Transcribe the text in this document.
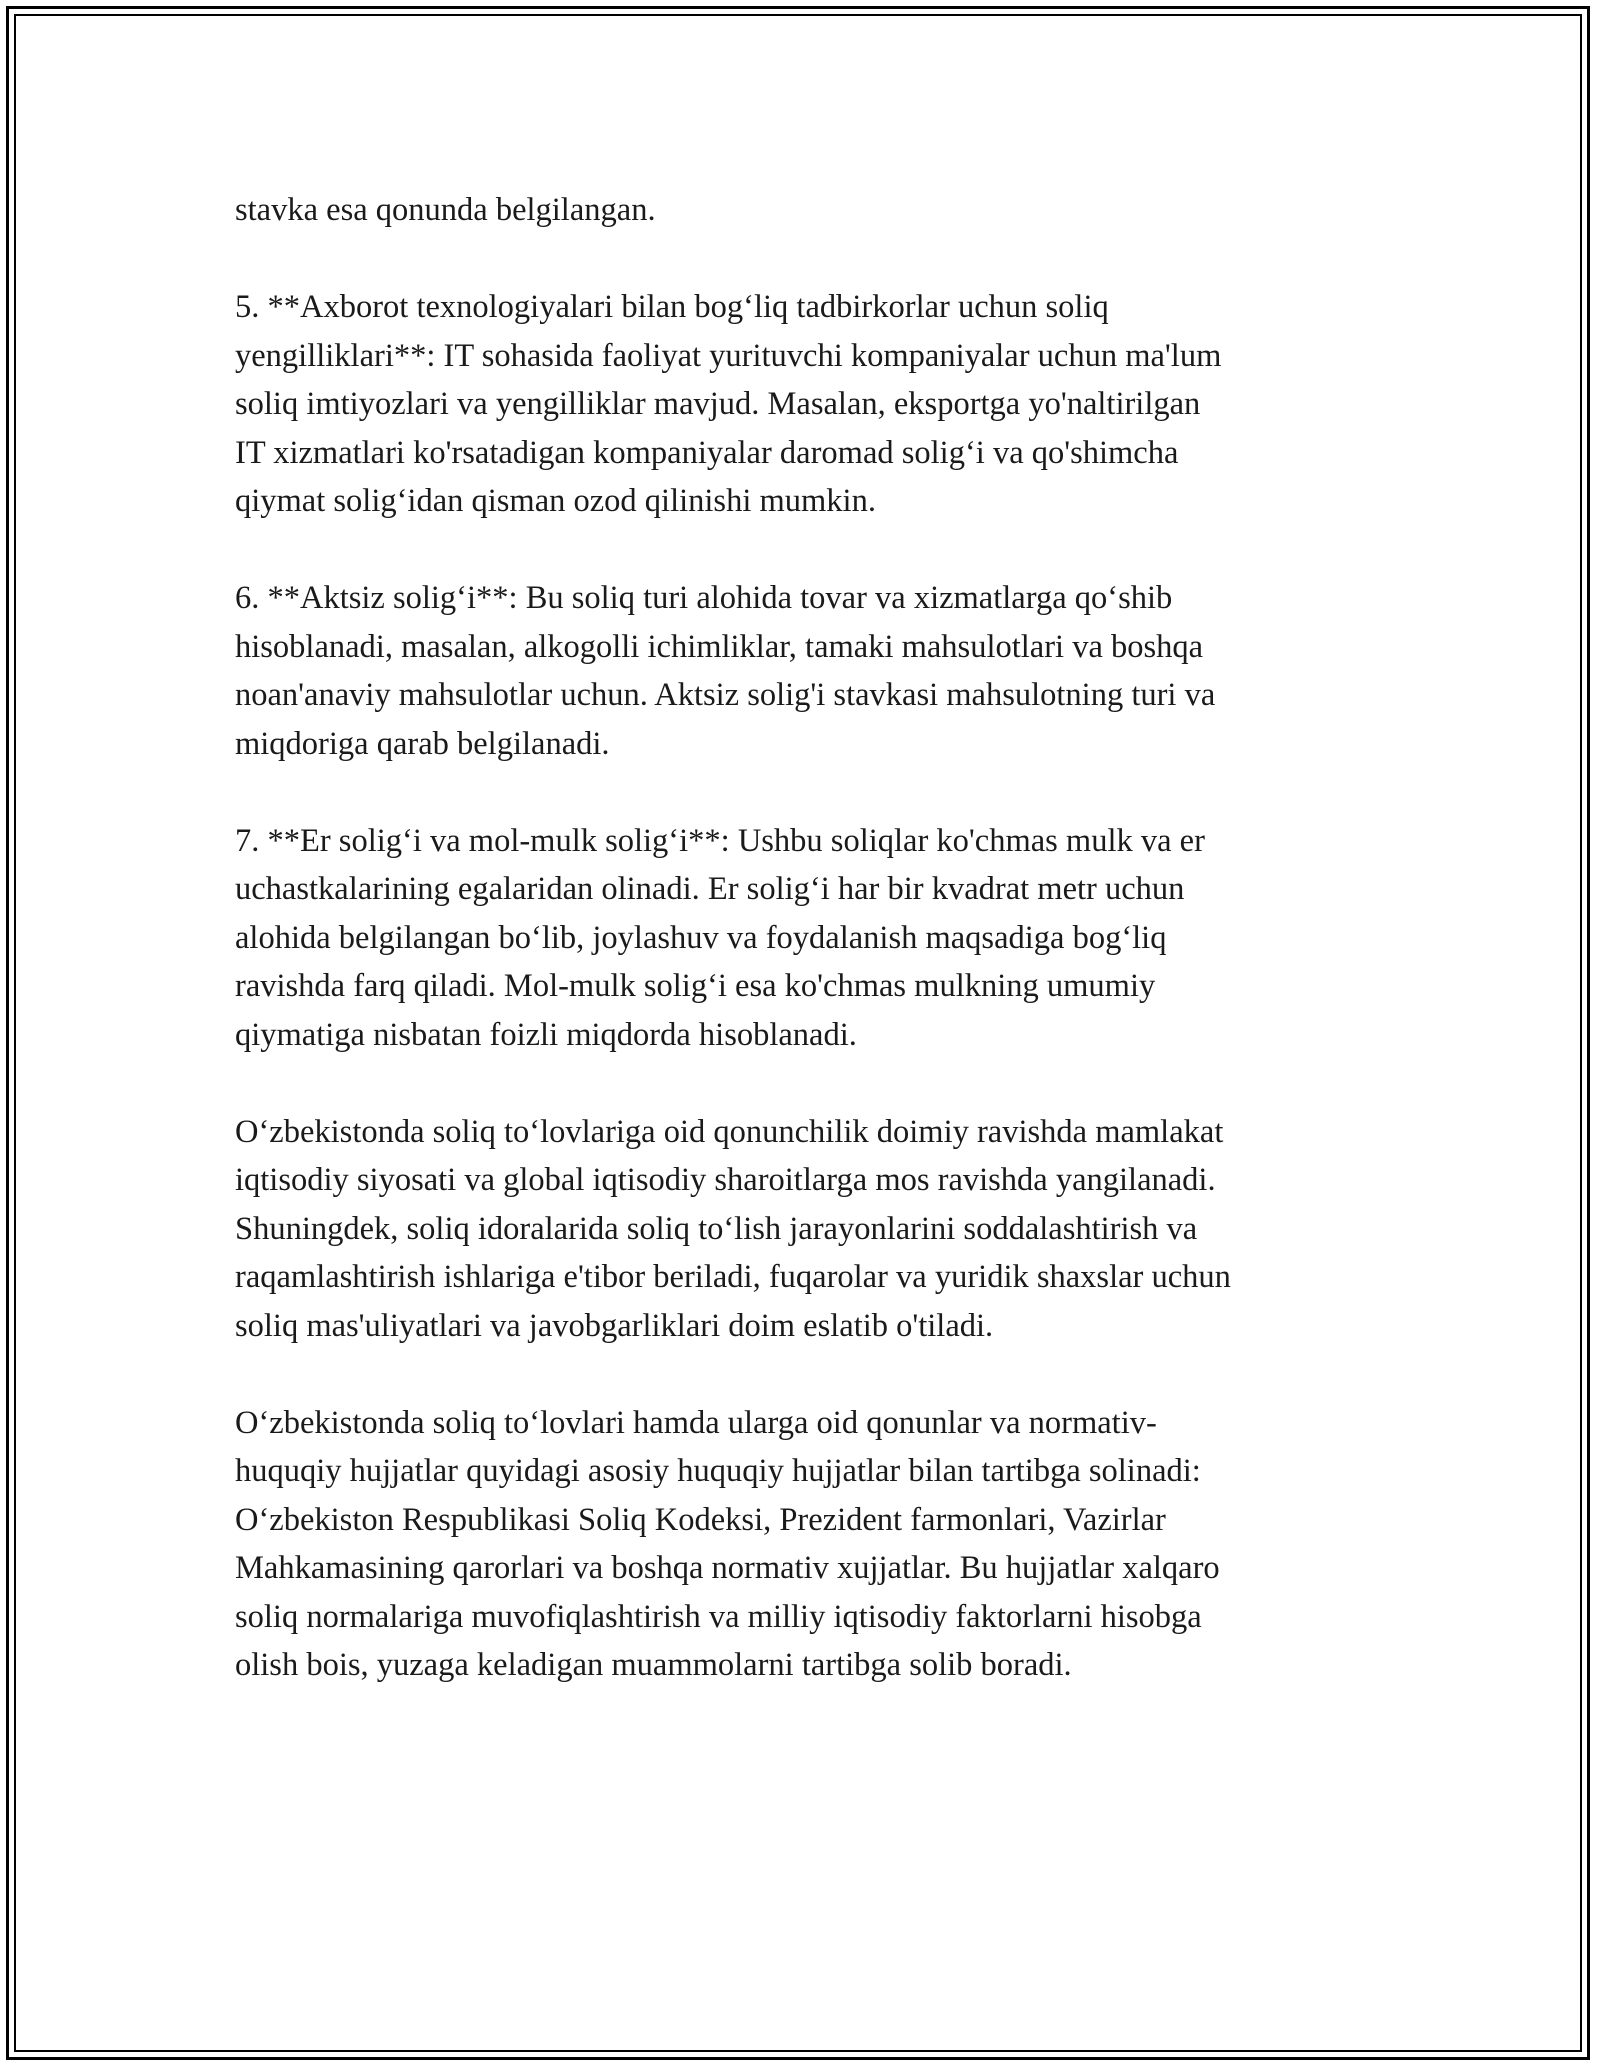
stavka esa qonunda belgilangan.

5. **Axborot texnologiyalari bilan bog‘liq tadbirkorlar uchun soliq
yengilliklari**: IT sohasida faoliyat yurituvchi kompaniyalar uchun ma'lum
soliq imtiyozlari va yengilliklar mavjud. Masalan, eksportga yo'naltirilgan
IT xizmatlari ko'rsatadigan kompaniyalar daromad solig‘i va qo'shimcha
qiymat solig‘idan qisman ozod qilinishi mumkin.

6. **Aktsiz solig‘i**: Bu soliq turi alohida tovar va xizmatlarga qo‘shib
hisoblanadi, masalan, alkogolli ichimliklar, tamaki mahsulotlari va boshqa
noan'anaviy mahsulotlar uchun. Aktsiz solig'i stavkasi mahsulotning turi va
miqdoriga qarab belgilanadi.

7. **Er solig‘i va mol-mulk solig‘i**: Ushbu soliqlar ko'chmas mulk va er
uchastkalarining egalaridan olinadi. Er solig‘i har bir kvadrat metr uchun
alohida belgilangan bo‘lib, joylashuv va foydalanish maqsadiga bog‘liq
ravishda farq qiladi. Mol-mulk solig‘i esa ko'chmas mulkning umumiy
qiymatiga nisbatan foizli miqdorda hisoblanadi.

O‘zbekistonda soliq to‘lovlariga oid qonunchilik doimiy ravishda mamlakat
iqtisodiy siyosati va global iqtisodiy sharoitlarga mos ravishda yangilanadi.
Shuningdek, soliq idoralarida soliq to‘lish jarayonlarini soddalashtirish va
raqamlashtirish ishlariga e'tibor beriladi, fuqarolar va yuridik shaxslar uchun
soliq mas'uliyatlari va javobgarliklari doim eslatib o'tiladi.

O‘zbekistonda soliq to‘lovlari hamda ularga oid qonunlar va normativ-
huquqiy hujjatlar quyidagi asosiy huquqiy hujjatlar bilan tartibga solinadi:
O‘zbekiston Respublikasi Soliq Kodeksi, Prezident farmonlari, Vazirlar
Mahkamasining qarorlari va boshqa normativ xujjatlar. Bu hujjatlar xalqaro
soliq normalariga muvofiqlashtirish va milliy iqtisodiy faktorlarni hisobga
olish bois, yuzaga keladigan muammolarni tartibga solib boradi.
